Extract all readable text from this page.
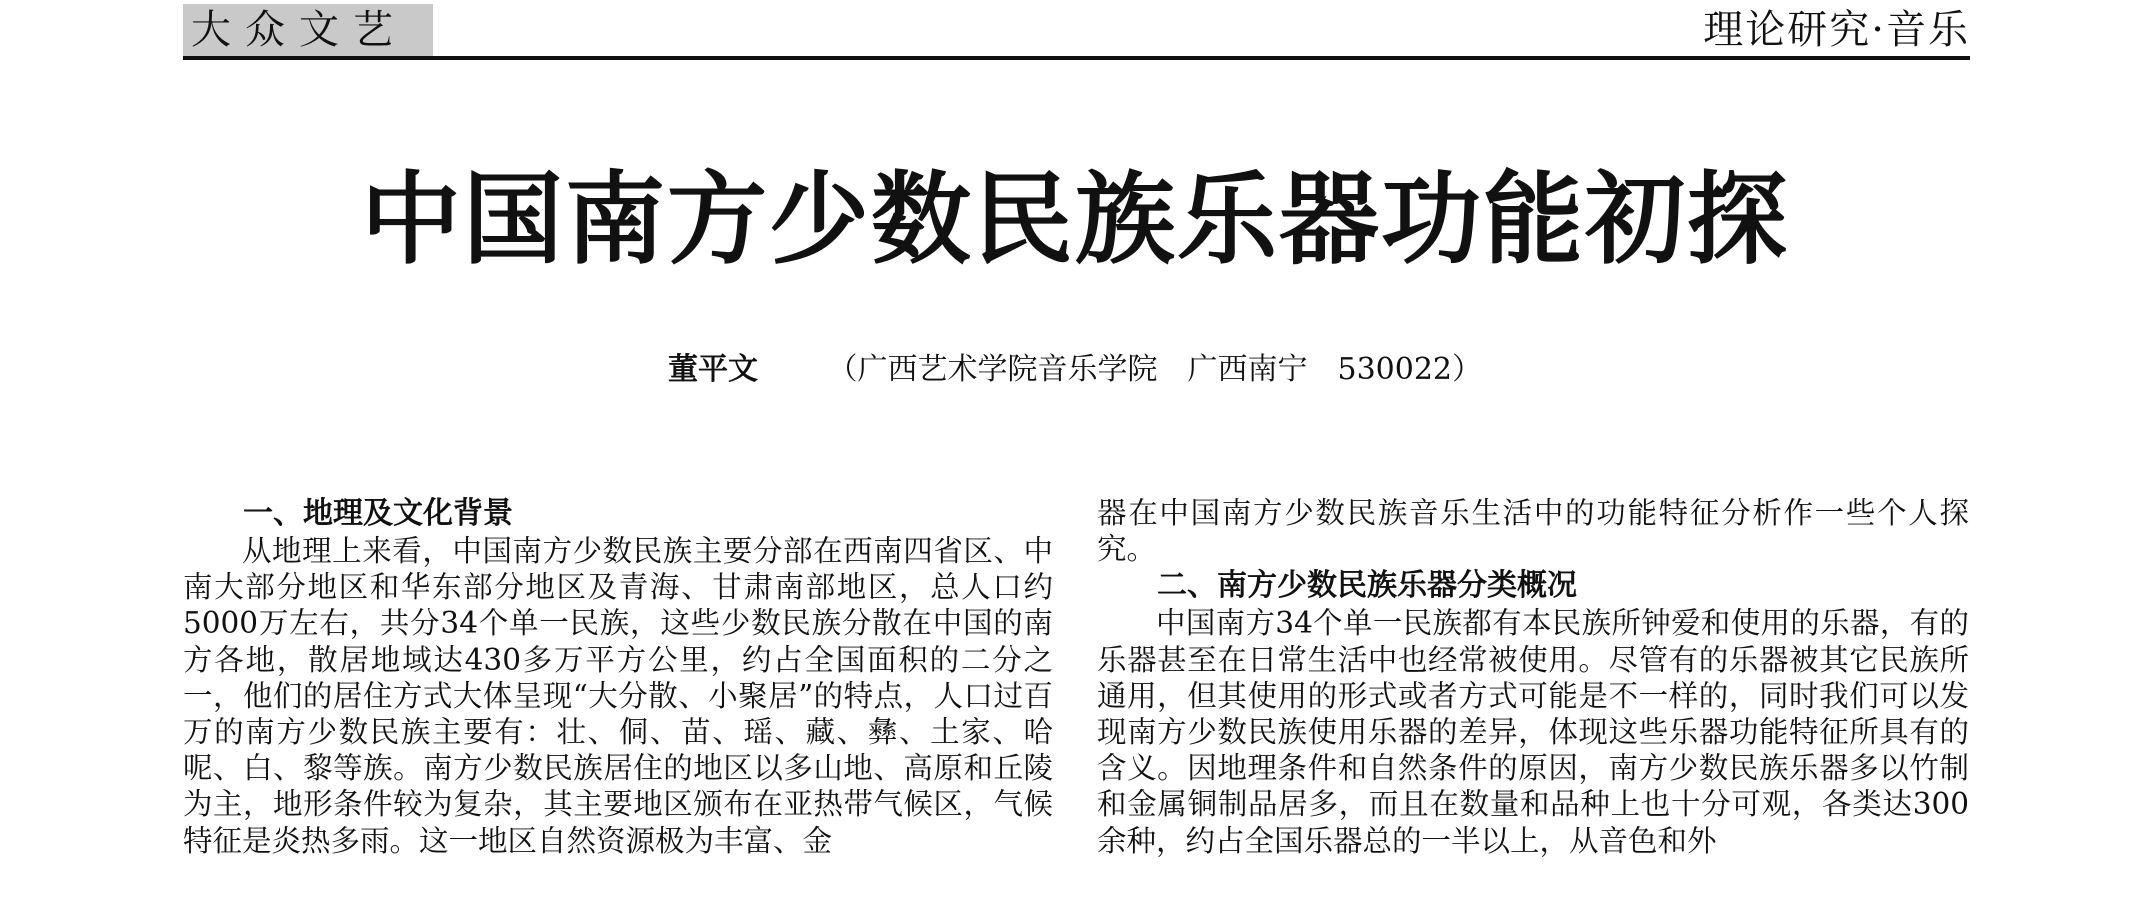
大众文艺	理论研究·音乐
中国南方少数民族乐器功能初探
董平文 （广西艺术学院音乐学院　广西南宁　530022）
一、地理及文化背景

从地理上来看，中国南方少数民族主要分部在西南四省区、中南大部分地区和华东部分地区及青海、甘肃南部地区，总人口约5000万左右，共分34个单一民族，这些少数民族分散在中国的南方各地，散居地域达430多万平方公里，约占全国面积的二分之一，他们的居住方式大体呈现“大分散、小聚居”的特点，人口过百万的南方少数民族主要有：壮、侗、苗、瑶、藏、彝、土家、哈呢、白、黎等族。南方少数民族居住的地区以多山地、高原和丘陵为主，地形条件较为复杂，其主要地区颁布在亚热带气候区，气候特征是炎热多雨。这一地区自然资源极为丰富、金

器在中国南方少数民族音乐生活中的功能特征分析作一些个人探究。

二、南方少数民族乐器分类概况

中国南方34个单一民族都有本民族所钟爱和使用的乐器，有的乐器甚至在日常生活中也经常被使用。尽管有的乐器被其它民族所通用，但其使用的形式或者方式可能是不一样的，同时我们可以发现南方少数民族使用乐器的差异，体现这些乐器功能特征所具有的含义。因地理条件和自然条件的原因，南方少数民族乐器多以竹制和金属铜制品居多，而且在数量和品种上也十分可观，各类达300余种，约占全国乐器总的一半以上，从音色和外
